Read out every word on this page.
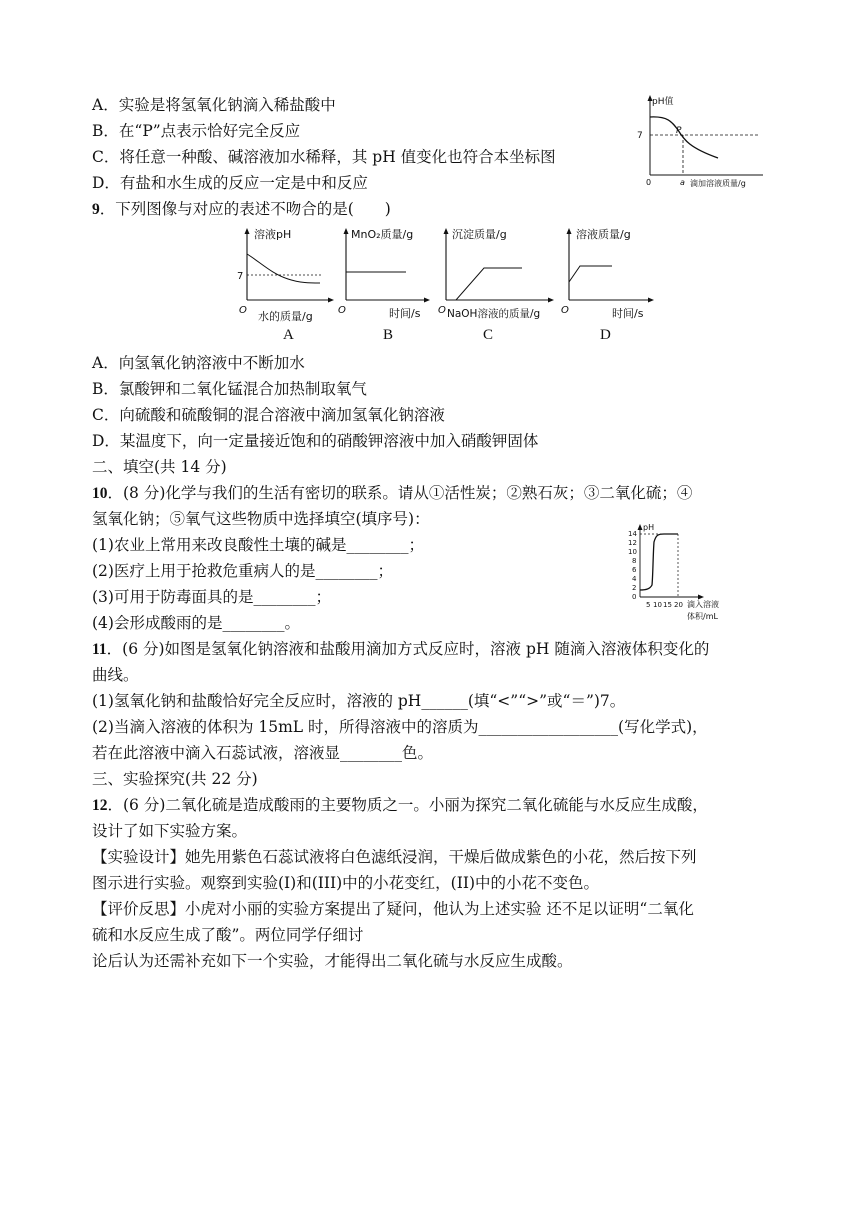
A．实验是将氢氧化钠滴入稀盐酸中
B．在“P”点表示恰好完全反应
C．将任意一种酸、碱溶液加水稀释，其 pH 值变化也符合本坐标图
D．有盐和水生成的反应一定是中和反应
pH值
7	P
0	a 滴加溶液质量/g
9．下列图像与对应的表述不吻合的是(　　)
溶液pH
7
O 水的质量/g
MnO₂质量/g
O	时间/s
沉淀质量/g
O NaOH溶液的质量/g
溶液质量/g
O	时间/s
A	B	C	D
A．向氢氧化钠溶液中不断加水
B．氯酸钾和二氧化锰混合加热制取氧气
C．向硫酸和硫酸铜的混合溶液中滴加氢氧化钠溶液
D．某温度下，向一定量接近饱和的硝酸钾溶液中加入硝酸钾固体
二、填空(共 14 分)
10．(8 分)化学与我们的生活有密切的联系。请从①活性炭；②熟石灰；③二氧化硫；④
氢氧化钠；⑤氧气这些物质中选择填空(填序号)：
(1)农业上常用来改良酸性土壤的碱是________；
(2)医疗上用于抢救危重病人的是________；
(3)可用于防毒面具的是________；
(4)会形成酸雨的是________。
pH
14
12
10
8
6
4
2
0
5 10 15 20 滴入溶液
体积/mL
11．(6 分)如图是氢氧化钠溶液和盐酸用滴加方式反应时，溶液 pH 随滴入溶液体积变化的
曲线。
(1)氢氧化钠和盐酸恰好完全反应时，溶液的 pH______(填“<”“>”或“＝”)7。
(2)当滴入溶液的体积为 15mL 时，所得溶液中的溶质为__________________(写化学式)，
若在此溶液中滴入石蕊试液，溶液显________色。
三、实验探究(共 22 分)
12．(6 分)二氧化硫是造成酸雨的主要物质之一。小丽为探究二氧化硫能与水反应生成酸，
设计了如下实验方案。
【实验设计】她先用紫色石蕊试液将白色滤纸浸润，干燥后做成紫色的小花，然后按下列
图示进行实验。观察到实验(I)和(III)中的小花变红，(II)中的小花不变色。
【评价反思】小虎对小丽的实验方案提出了疑问，他认为上述实验 还不足以证明“二氧化
硫和水反应生成了酸”。两位同学仔细讨
论后认为还需补充如下一个实验，才能得出二氧化硫与水反应生成酸。
